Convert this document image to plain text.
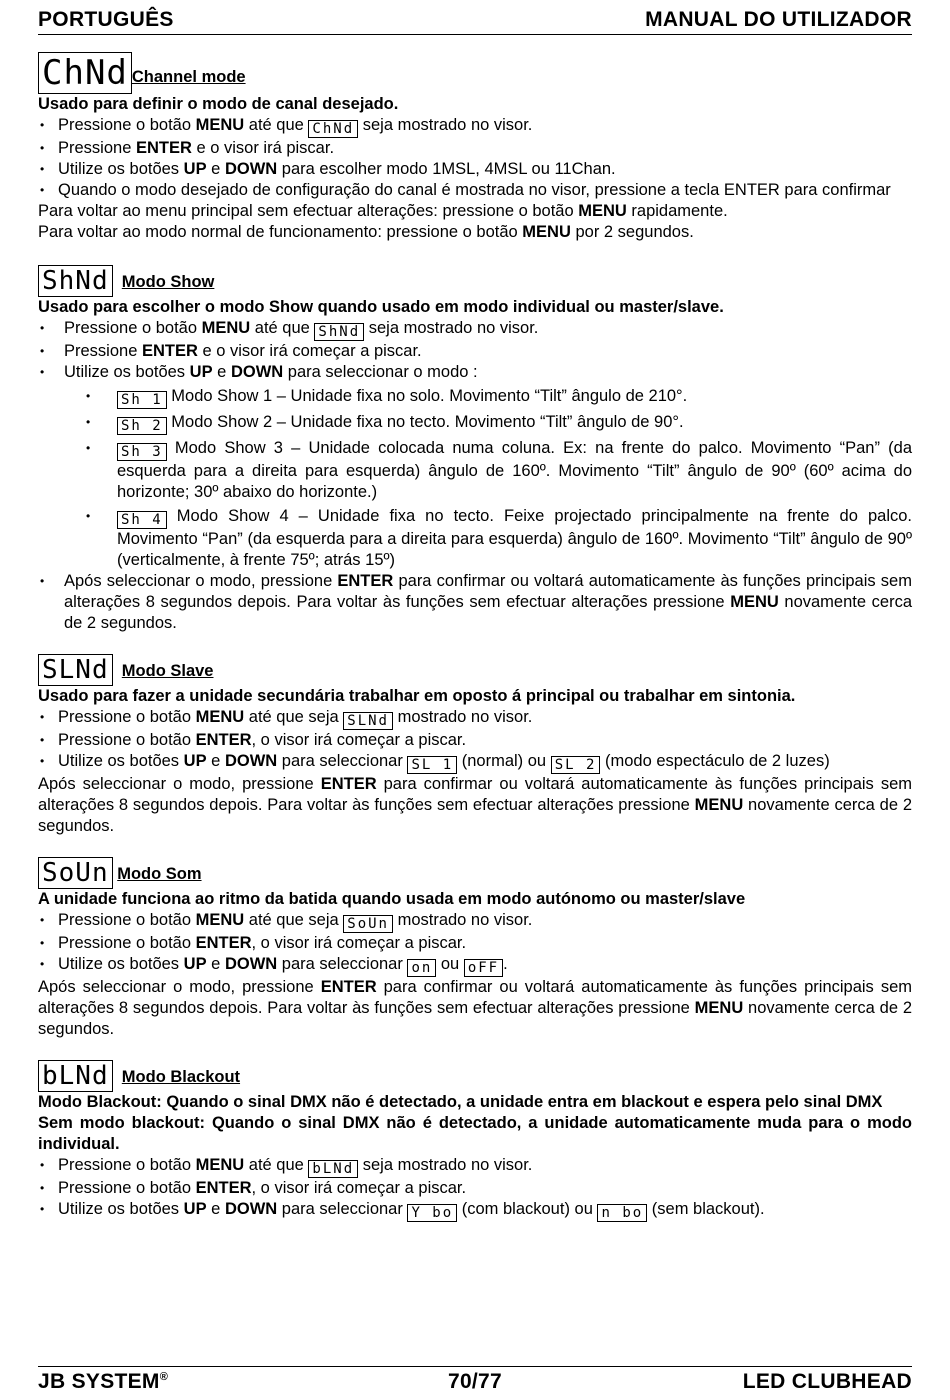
PORTUGUÊS	MANUAL DO UTILIZADOR
ChNd Channel mode
Usado para definir o modo de canal desejado.
• Pressione o botão MENU até que ChNd seja mostrado no visor.
• Pressione ENTER e o visor irá piscar.
• Utilize os botões UP e DOWN para escolher modo 1MSL, 4MSL ou 11Chan.
• Quando o modo desejado de configuração do canal é mostrada no visor, pressione a tecla ENTER para confirmar

Para voltar ao menu principal sem efectuar alterações: pressione o botão MENU rapidamente.

Para voltar ao modo normal de funcionamento: pressione o botão MENU por 2 segundos.

ShNd Modo Show
Usado para escolher o modo Show quando usado em modo individual ou master/slave.
• Pressione o botão MENU até que ShNd seja mostrado no visor.
• Pressione ENTER e o visor irá começar a piscar.
• Utilize os botões UP e DOWN para seleccionar o modo :
• Sh 1 Modo Show 1 – Unidade fixa no solo. Movimento “Tilt” ângulo de 210°.
• Sh 2 Modo Show 2 – Unidade fixa no tecto. Movimento “Tilt” ângulo de 90°.
• Sh 3 Modo Show 3 – Unidade colocada numa coluna. Ex: na frente do palco. Movimento “Pan” (da esquerda para a direita para esquerda) ângulo de 160º. Movimento “Tilt” ângulo de 90º (60º acima do horizonte; 30º abaixo do horizonte.)
• Sh 4 Modo Show 4 – Unidade fixa no tecto. Feixe projectado principalmente na frente do palco. Movimento “Pan” (da esquerda para a direita para esquerda) ângulo de 160º. Movimento “Tilt” ângulo de 90º (verticalmente, à frente 75º; atrás 15º)
• Após seleccionar o modo, pressione ENTER para confirmar ou voltará automaticamente às funções principais sem alterações 8 segundos depois. Para voltar às funções sem efectuar alterações pressione MENU novamente cerca de 2 segundos.
SLNd Modo Slave
Usado para fazer a unidade secundária trabalhar em oposto á principal ou trabalhar em sintonia.
• Pressione o botão MENU até que seja SLNd mostrado no visor.
• Pressione o botão ENTER, o visor irá começar a piscar.
• Utilize os botões UP e DOWN para seleccionar SL 1 (normal) ou SL 2 (modo espectáculo de 2 luzes)

Após seleccionar o modo, pressione ENTER para confirmar ou voltará automaticamente às funções principais sem alterações 8 segundos depois. Para voltar às funções sem efectuar alterações pressione MENU novamente cerca de 2 segundos.

SoUn Modo Som
A unidade funciona ao ritmo da batida quando usada em modo autónomo ou master/slave
• Pressione o botão MENU até que seja SoUn mostrado no visor.
• Pressione o botão ENTER, o visor irá começar a piscar.
• Utilize os botões UP e DOWN para seleccionar on ou oFF .

Após seleccionar o modo, pressione ENTER para confirmar ou voltará automaticamente às funções principais sem alterações 8 segundos depois. Para voltar às funções sem efectuar alterações pressione MENU novamente cerca de 2 segundos.

bLNd Modo Blackout

Modo Blackout: Quando o sinal DMX não é detectado, a unidade entra em blackout e espera pelo sinal DMX

Sem modo blackout: Quando o sinal DMX não é detectado, a unidade automaticamente muda para o modo individual.

• Pressione o botão MENU até que bLNd seja mostrado no visor.
• Pressione o botão ENTER, o visor irá começar a piscar.
• Utilize os botões UP e DOWN para seleccionar Y bo (com blackout) ou n bo (sem blackout).
JB SYSTEM®	70/77	LED CLUBHEAD
